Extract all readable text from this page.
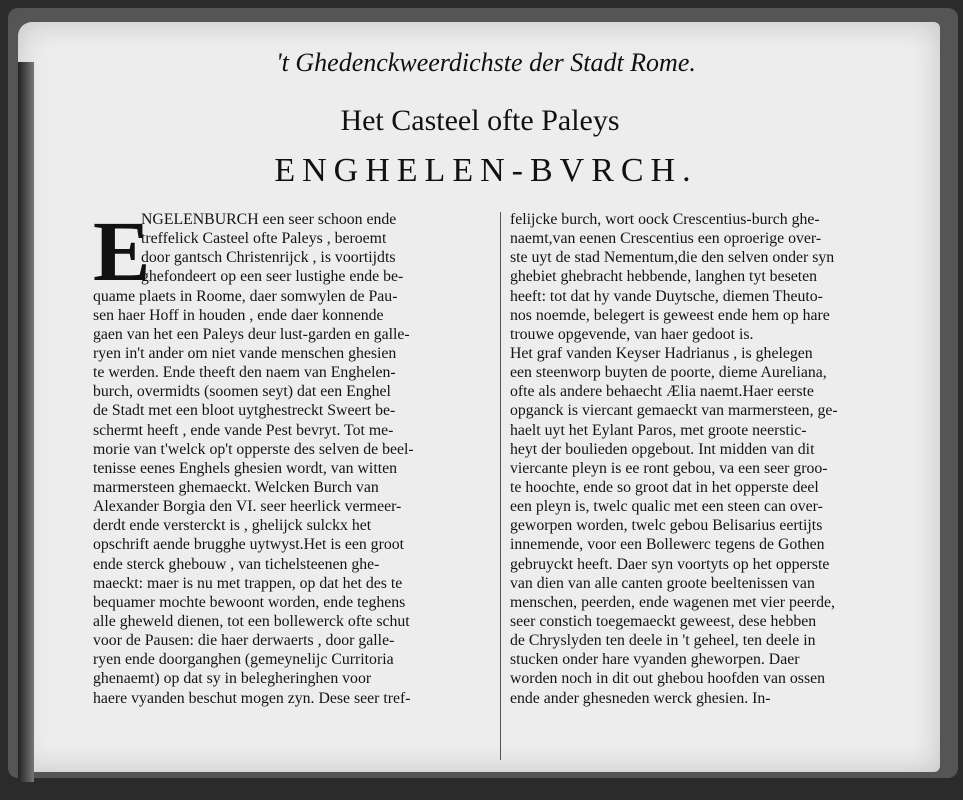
't Ghedenckweerdichste der Stadt Rome.
Het Casteel ofte Paleys
ENGHELEN-BVRCH.
E
NGELENBURCH een seer schoon ende
treffelick Casteel ofte Paleys , beroemt
door gantsch Christenrijck , is voortijdts
ghefondeert op een seer lustighe ende be-
quame plaets in Roome, daer somwylen de Pau-
sen haer Hoff in houden , ende daer konnende
gaen van het een Paleys deur lust-garden en galle-
ryen in't ander om niet vande menschen ghesien
te werden. Ende theeft den naem van Enghelen-
burch, overmidts (soomen seyt) dat een Enghel
de Stadt met een bloot uytghestreckt Sweert be-
schermt heeft , ende vande Pest bevryt. Tot me-
morie van t'welck op't opperste des selven de beel-
tenisse eenes Enghels ghesien wordt, van witten
marmersteen ghemaeckt. Welcken Burch van
Alexander Borgia den VI. seer heerlick vermeer-
derdt ende versterckt is , ghelijck sulckx het
opschrift aende brugghe uytwyst.Het is een groot
ende sterck ghebouw , van tichelsteenen ghe-
maeckt: maer is nu met trappen, op dat het des te
bequamer mochte bewoont worden, ende teghens
alle gheweld dienen, tot een bollewerck ofte schut
voor de Pausen: die haer derwaerts , door galle-
ryen ende doorganghen (gemeynelijc Curritoria
ghenaemt) op dat sy in belegheringhen voor
haere vyanden beschut mogen zyn. Dese seer tref-
felijcke burch, wort oock Crescentius-burch ghe-
naemt,van eenen Crescentius een oproerige over-
ste uyt de stad Nementum,die den selven onder syn
ghebiet ghebracht hebbende, langhen tyt beseten
heeft: tot dat hy vande Duytsche, diemen Theuto-
nos noemde, belegert is geweest ende hem op hare
trouwe opgevende, van haer gedoot is.
Het graf vanden Keyser Hadrianus , is ghelegen
een steenworp buyten de poorte, dieme Aureliana,
ofte als andere behaecht Ælia naemt.Haer eerste
opganck is viercant gemaeckt van marmersteen, ge-
haelt uyt het Eylant Paros, met groote neerstic-
heyt der boulieden opgebout. Int midden van dit
viercante pleyn is ee ront gebou, va een seer groo-
te hoochte, ende so groot dat in het opperste deel
een pleyn is, twelc qualic met een steen can over-
geworpen worden, twelc gebou Belisarius eertijts
innemende, voor een Bollewerc tegens de Gothen
gebruyckt heeft. Daer syn voortyts op het opperste
van dien van alle canten groote beeltenissen van
menschen, peerden, ende wagenen met vier peerde,
seer constich toegemaeckt geweest, dese hebben
de Chryslyden ten deele in 't geheel, ten deele in
stucken onder hare vyanden gheworpen. Daer
worden noch in dit out ghebou hoofden van ossen
ende ander ghesneden werck ghesien. In-
